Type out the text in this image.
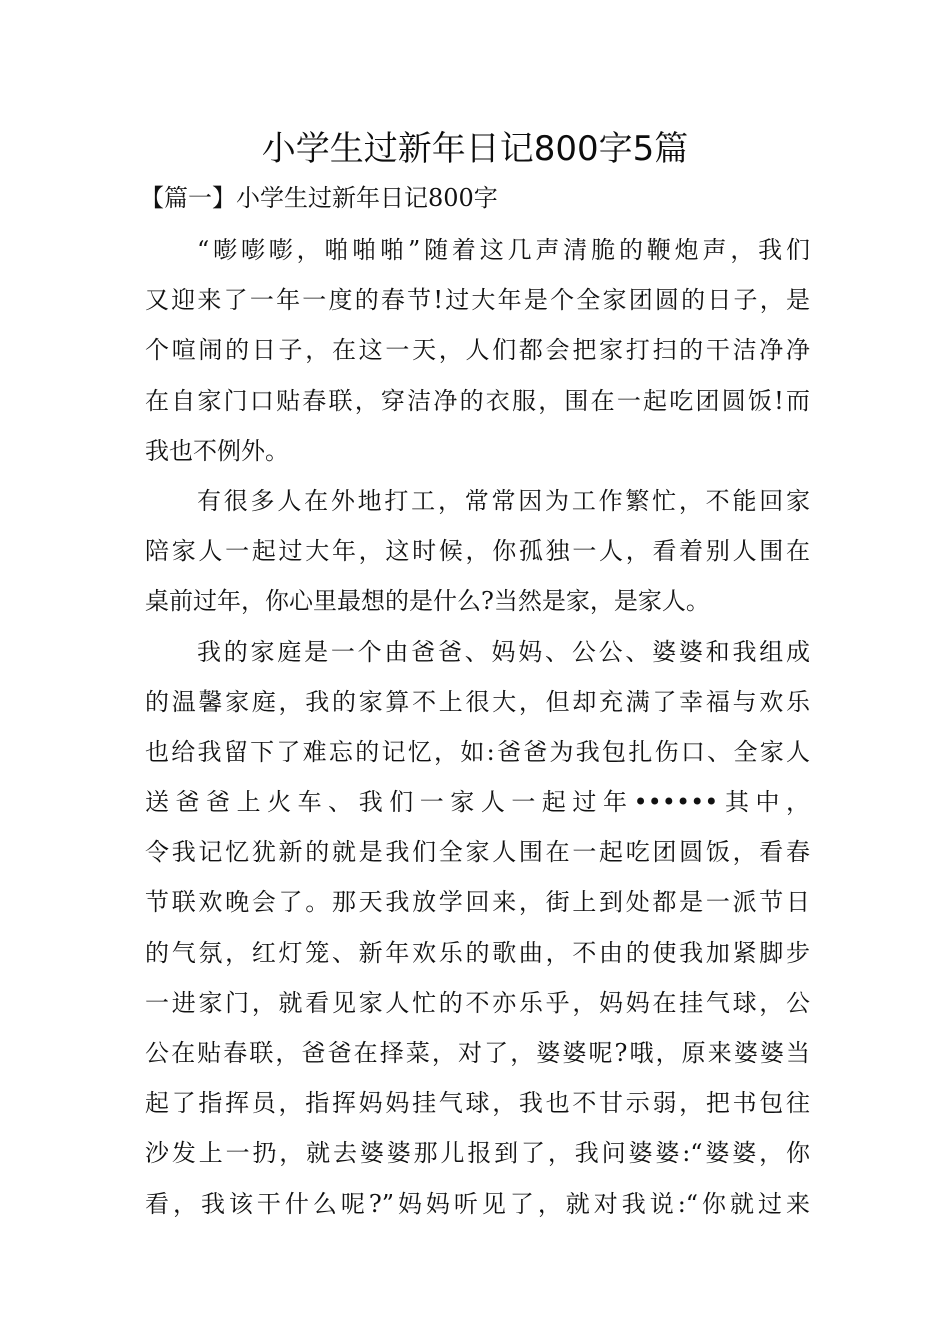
小学生过新年日记800字5篇
【篇一】小学生过新年日记800字
“嘭嘭嘭，啪啪啪”随着这几声清脆的鞭炮声，我们
又迎来了一年一度的春节!过大年是个全家团圆的日子，是
个喧闹的日子，在这一天，人们都会把家打扫的干洁净净
在自家门口贴春联，穿洁净的衣服，围在一起吃团圆饭!而
我也不例外。
有很多人在外地打工，常常因为工作繁忙，不能回家
陪家人一起过大年，这时候，你孤独一人，看着别人围在
桌前过年，你心里最想的是什么?当然是家，是家人。
我的家庭是一个由爸爸、妈妈、公公、婆婆和我组成
的温馨家庭，我的家算不上很大，但却充满了幸福与欢乐
也给我留下了难忘的记忆，如:爸爸为我包扎伤口、全家人
送爸爸上火车、我们一家人一起过年••••••其中，
令我记忆犹新的就是我们全家人围在一起吃团圆饭，看春
节联欢晚会了。那天我放学回来，街上到处都是一派节日
的气氛，红灯笼、新年欢乐的歌曲，不由的使我加紧脚步
一进家门，就看见家人忙的不亦乐乎，妈妈在挂气球，公
公在贴春联，爸爸在择菜，对了，婆婆呢?哦，原来婆婆当
起了指挥员，指挥妈妈挂气球，我也不甘示弱，把书包往
沙发上一扔，就去婆婆那儿报到了，我问婆婆:“婆婆，你
看，我该干什么呢?”妈妈听见了，就对我说:“你就过来
